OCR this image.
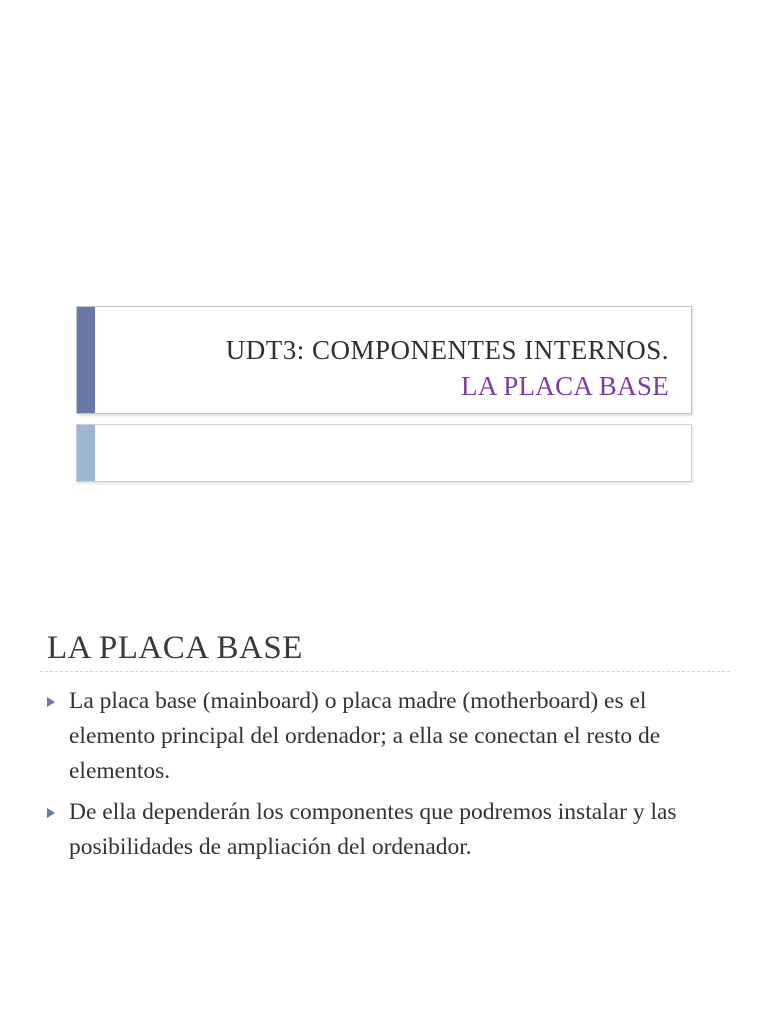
UDT3: COMPONENTES INTERNOS.
LA PLACA BASE
LA PLACA BASE
La placa base (mainboard) o placa madre (motherboard) es el elemento principal del ordenador; a ella se conectan el resto de elementos.
De ella dependerán los componentes que podremos instalar y las posibilidades de ampliación del ordenador.
